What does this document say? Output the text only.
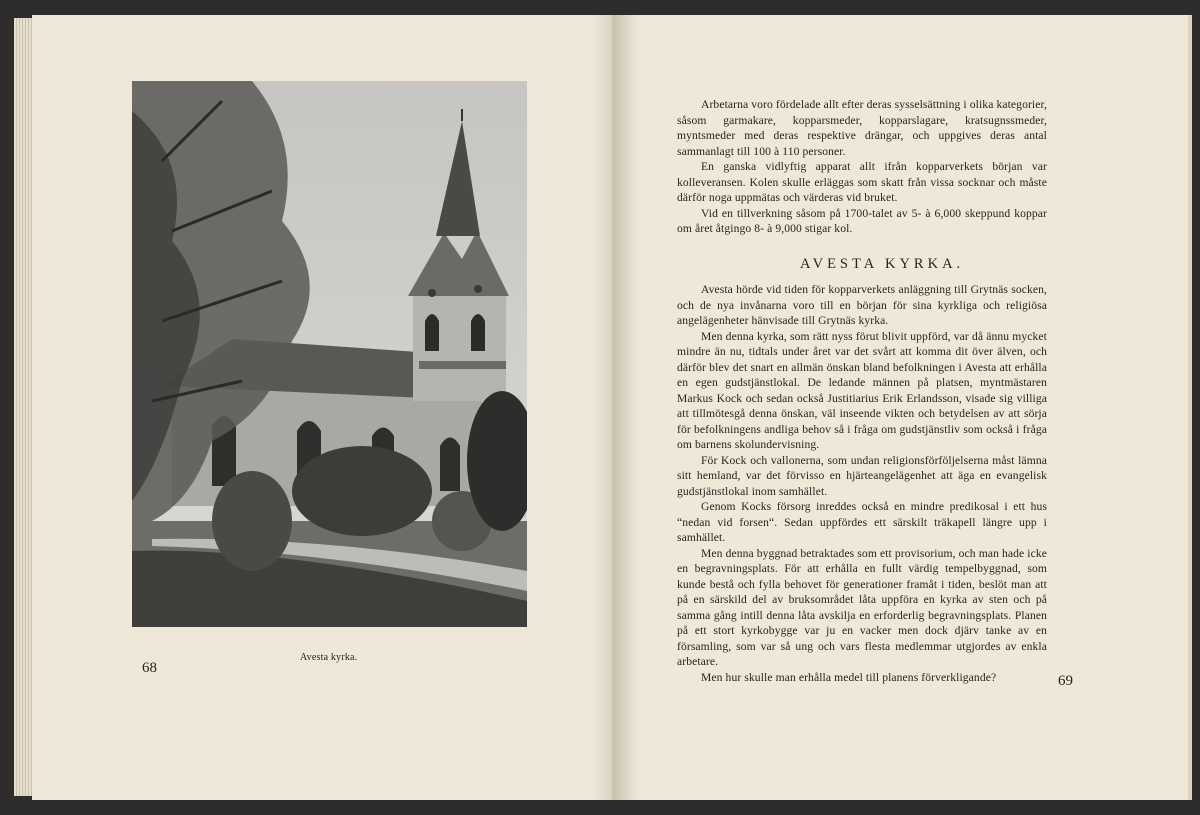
Avesta kyrka.
68

Arbetarna voro fördelade allt efter deras sysselsättning i olika kategorier, såsom garmakare, kopparsmeder, kopparslagare, kratsugnssmeder, myntsmeder med deras respektive drängar, och uppgives deras antal sammanlagt till 100 à 110 personer.

En ganska vidlyftig apparat allt ifrån kopparverkets början var kolleveransen. Kolen skulle erläggas som skatt från vissa socknar och måste därför noga uppmätas och värderas vid bruket.

Vid en tillverkning såsom på 1700-talet av 5- à 6,000 skeppund koppar om året åtgingo 8- à 9,000 stigar kol.

AVESTA KYRKA.

Avesta hörde vid tiden för kopparverkets anläggning till Grytnäs socken, och de nya invånarna voro till en början för sina kyrkliga och religiösa angelägenheter hänvisade till Grytnäs kyrka.

Men denna kyrka, som rätt nyss förut blivit uppförd, var då ännu mycket mindre än nu, tidtals under året var det svårt att komma dit över älven, och därför blev det snart en allmän önskan bland befolkningen i Avesta att erhålla en egen gudstjänstlokal. De ledande männen på platsen, myntmästaren Markus Kock och sedan också Justitiarius Erik Erlandsson, visade sig villiga att tillmötesgå denna önskan, väl inseende vikten och betydelsen av att sörja för befolkningens andliga behov så i fråga om gudstjänstliv som också i fråga om barnens skolundervisning.

För Kock och vallonerna, som undan religionsförföljelserna måst lämna sitt hemland, var det förvisso en hjärteangelägenhet att äga en evangelisk gudstjänstlokal inom samhället.

Genom Kocks försorg inreddes också en mindre predikosal i ett hus “nedan vid forsen“. Sedan uppfördes ett särskilt träkapell längre upp i samhället.

Men denna byggnad betraktades som ett provisorium, och man hade icke en begravningsplats. För att erhålla en fullt värdig tempelbyggnad, som kunde bestå och fylla behovet för generationer framåt i tiden, beslöt man att på en särskild del av bruksområdet låta uppföra en kyrka av sten och på samma gång intill denna låta avskilja en erforderlig begravningsplats. Planen på ett stort kyrkobygge var ju en vacker men dock djärv tanke av en församling, som var så ung och vars flesta medlemmar utgjordes av enkla arbetare.

Men hur skulle man erhålla medel till planens förverkligande?	69
